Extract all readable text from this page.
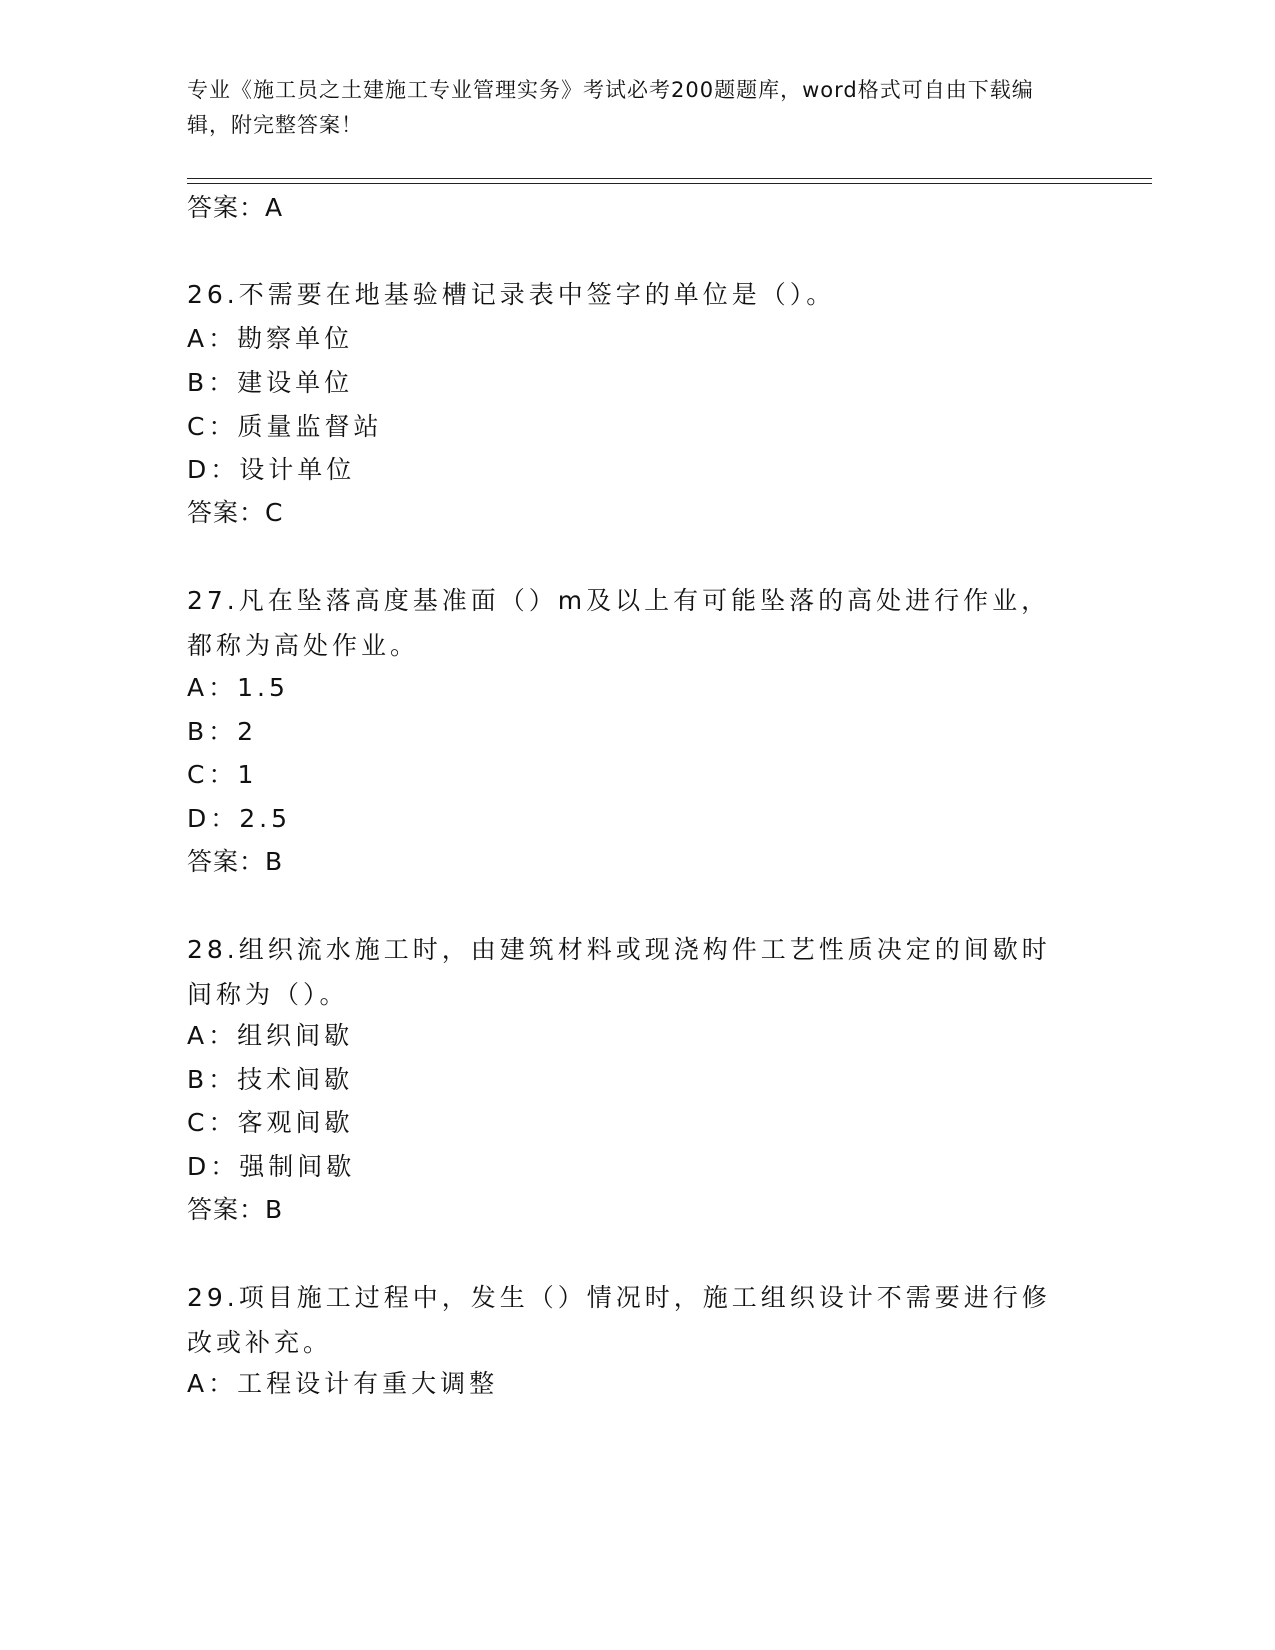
专业《施工员之土建施工专业管理实务》考试必考200题题库，word格式可自由下载编辑，附完整答案！
答案：A
26.不需要在地基验槽记录表中签字的单位是（）。
A：勘察单位
B：建设单位
C：质量监督站
D：设计单位
答案：C
27.凡在坠落高度基准面（）m及以上有可能坠落的高处进行作业，都称为高处作业。
A：1.5
B：2
C：1
D：2.5
答案：B
28.组织流水施工时，由建筑材料或现浇构件工艺性质决定的间歇时间称为（）。
A：组织间歇
B：技术间歇
C：客观间歇
D：强制间歇
答案：B
29.项目施工过程中，发生（）情况时，施工组织设计不需要进行修改或补充。
A：工程设计有重大调整
